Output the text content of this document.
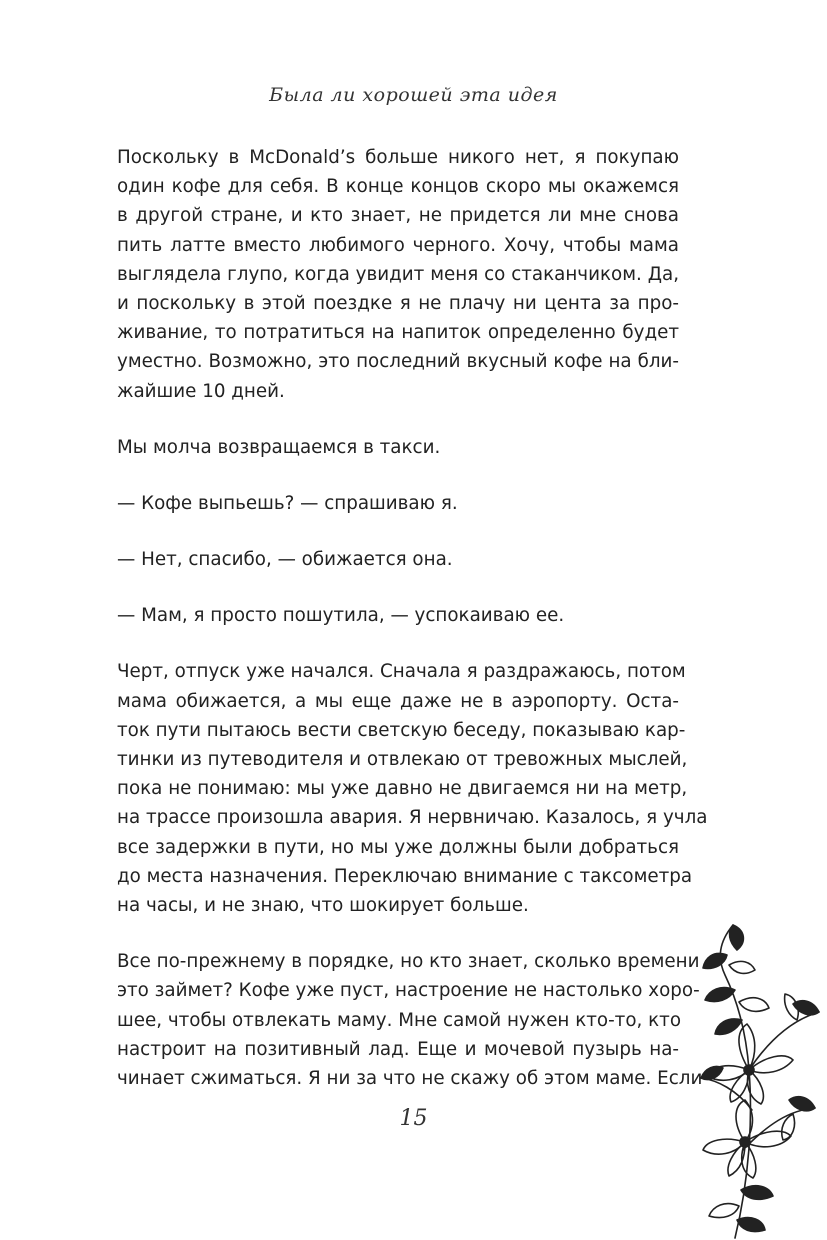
Была ли хорошей эта идея

Поскольку в McDonald’s больше никого нет, я покупаю
один кофе для себя. В конце концов скоро мы окажемся
в другой стране, и кто знает, не придется ли мне снова
пить латте вместо любимого черного. Хочу, чтобы мама
выглядела глупо, когда увидит меня со стаканчиком. Да,
и поскольку в этой поездке я не плачу ни цента за про-
живание, то потратиться на напиток определенно будет
уместно. Возможно, это последний вкусный кофе на бли-
жайшие 10 дней.

Мы молча возвращаемся в такси.

— Кофе выпьешь? — спрашиваю я.

— Нет, спасибо, — обижается она.

— Мам, я просто пошутила, — успокаиваю ее.

Черт, отпуск уже начался. Сначала я раздражаюсь, потом
мама обижается, а мы еще даже не в аэропорту. Оста-
ток пути пытаюсь вести светскую беседу, показываю кар-
тинки из путеводителя и отвлекаю от тревожных мыслей,
пока не понимаю: мы уже давно не двигаемся ни на метр,
на трассе произошла авария. Я нервничаю. Казалось, я учла
все задержки в пути, но мы уже должны были добраться
до места назначения. Переключаю внимание с таксометра
на часы, и не знаю, что шокирует больше.

Все по-прежнему в порядке, но кто знает, сколько времени
это займет? Кофе уже пуст, настроение не настолько хоро-
шее, чтобы отвлекать маму. Мне самой нужен кто-то, кто
настроит на позитивный лад. Еще и мочевой пузырь на-
чинает сжиматься. Я ни за что не скажу об этом маме. Если

15
